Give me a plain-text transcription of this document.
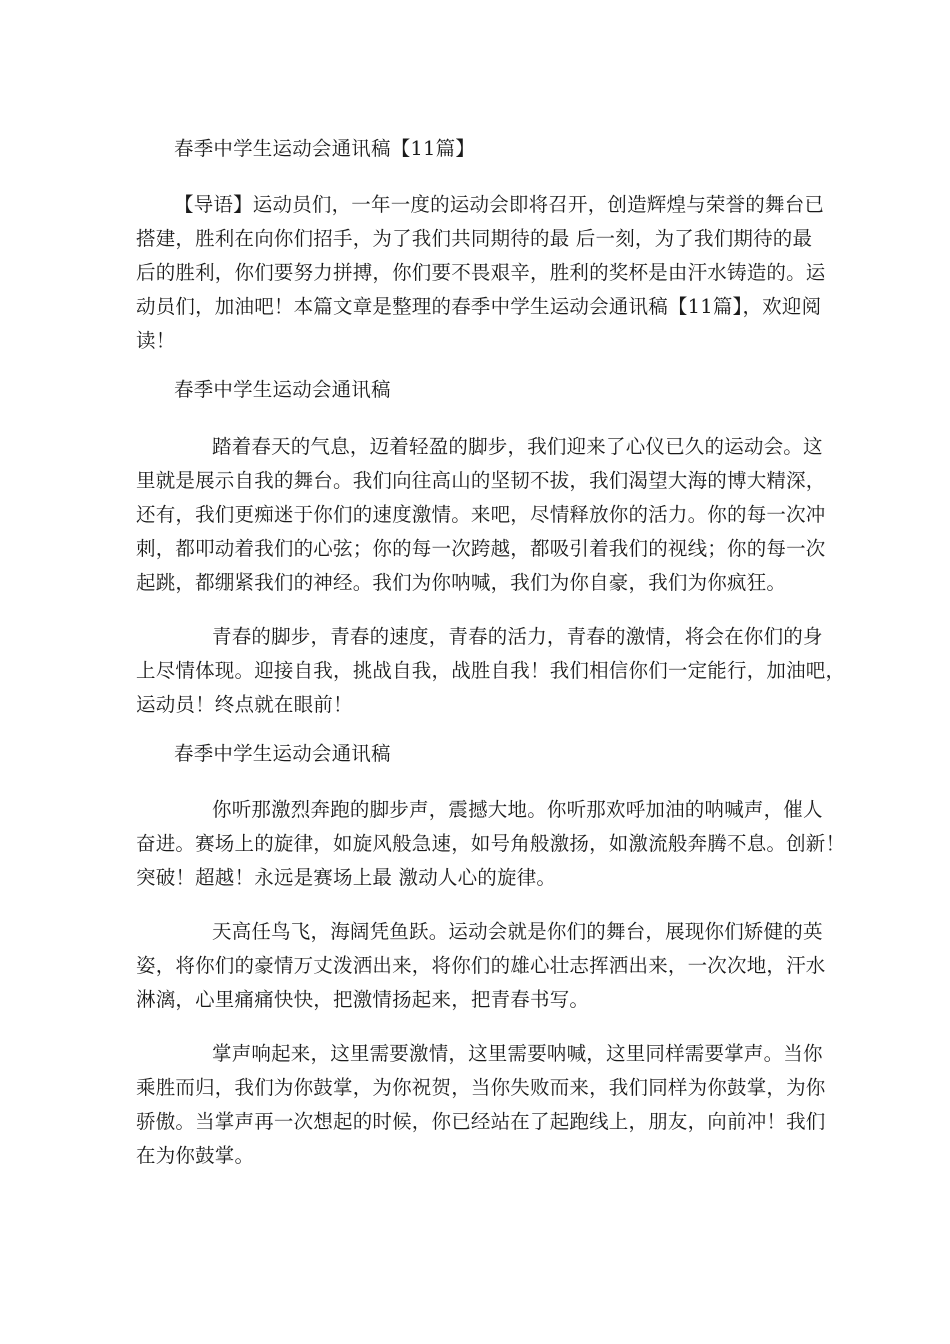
春季中学生运动会通讯稿【11篇】
【导语】运动员们，一年一度的运动会即将召开，创造辉煌与荣誉的舞台已
搭建，胜利在向你们招手，为了我们共同期待的最 后一刻，为了我们期待的最
后的胜利，你们要努力拼搏，你们要不畏艰辛，胜利的奖杯是由汗水铸造的。运
动员们，加油吧！本篇文章是整理的春季中学生运动会通讯稿【11篇】，欢迎阅
读！
春季中学生运动会通讯稿
踏着春天的气息，迈着轻盈的脚步，我们迎来了心仪已久的运动会。这
里就是展示自我的舞台。我们向往高山的坚韧不拔，我们渴望大海的博大精深，
还有，我们更痴迷于你们的速度激情。来吧，尽情释放你的活力。你的每一次冲
刺，都叩动着我们的心弦；你的每一次跨越，都吸引着我们的视线；你的每一次
起跳，都绷紧我们的神经。我们为你呐喊，我们为你自豪，我们为你疯狂。
青春的脚步，青春的速度，青春的活力，青春的激情，将会在你们的身
上尽情体现。迎接自我，挑战自我，战胜自我！我们相信你们一定能行，加油吧，
运动员！终点就在眼前！
春季中学生运动会通讯稿
你听那激烈奔跑的脚步声，震撼大地。你听那欢呼加油的呐喊声，催人
奋进。赛场上的旋律，如旋风般急速，如号角般激扬，如激流般奔腾不息。创新！
突破！超越！永远是赛场上最 激动人心的旋律。
天高任鸟飞，海阔凭鱼跃。运动会就是你们的舞台，展现你们矫健的英
姿，将你们的豪情万丈泼洒出来，将你们的雄心壮志挥洒出来，一次次地，汗水
淋漓，心里痛痛快快，把激情扬起来，把青春书写。
掌声响起来，这里需要激情，这里需要呐喊，这里同样需要掌声。当你
乘胜而归，我们为你鼓掌，为你祝贺，当你失败而来，我们同样为你鼓掌，为你
骄傲。当掌声再一次想起的时候，你已经站在了起跑线上，朋友，向前冲！我们
在为你鼓掌。
